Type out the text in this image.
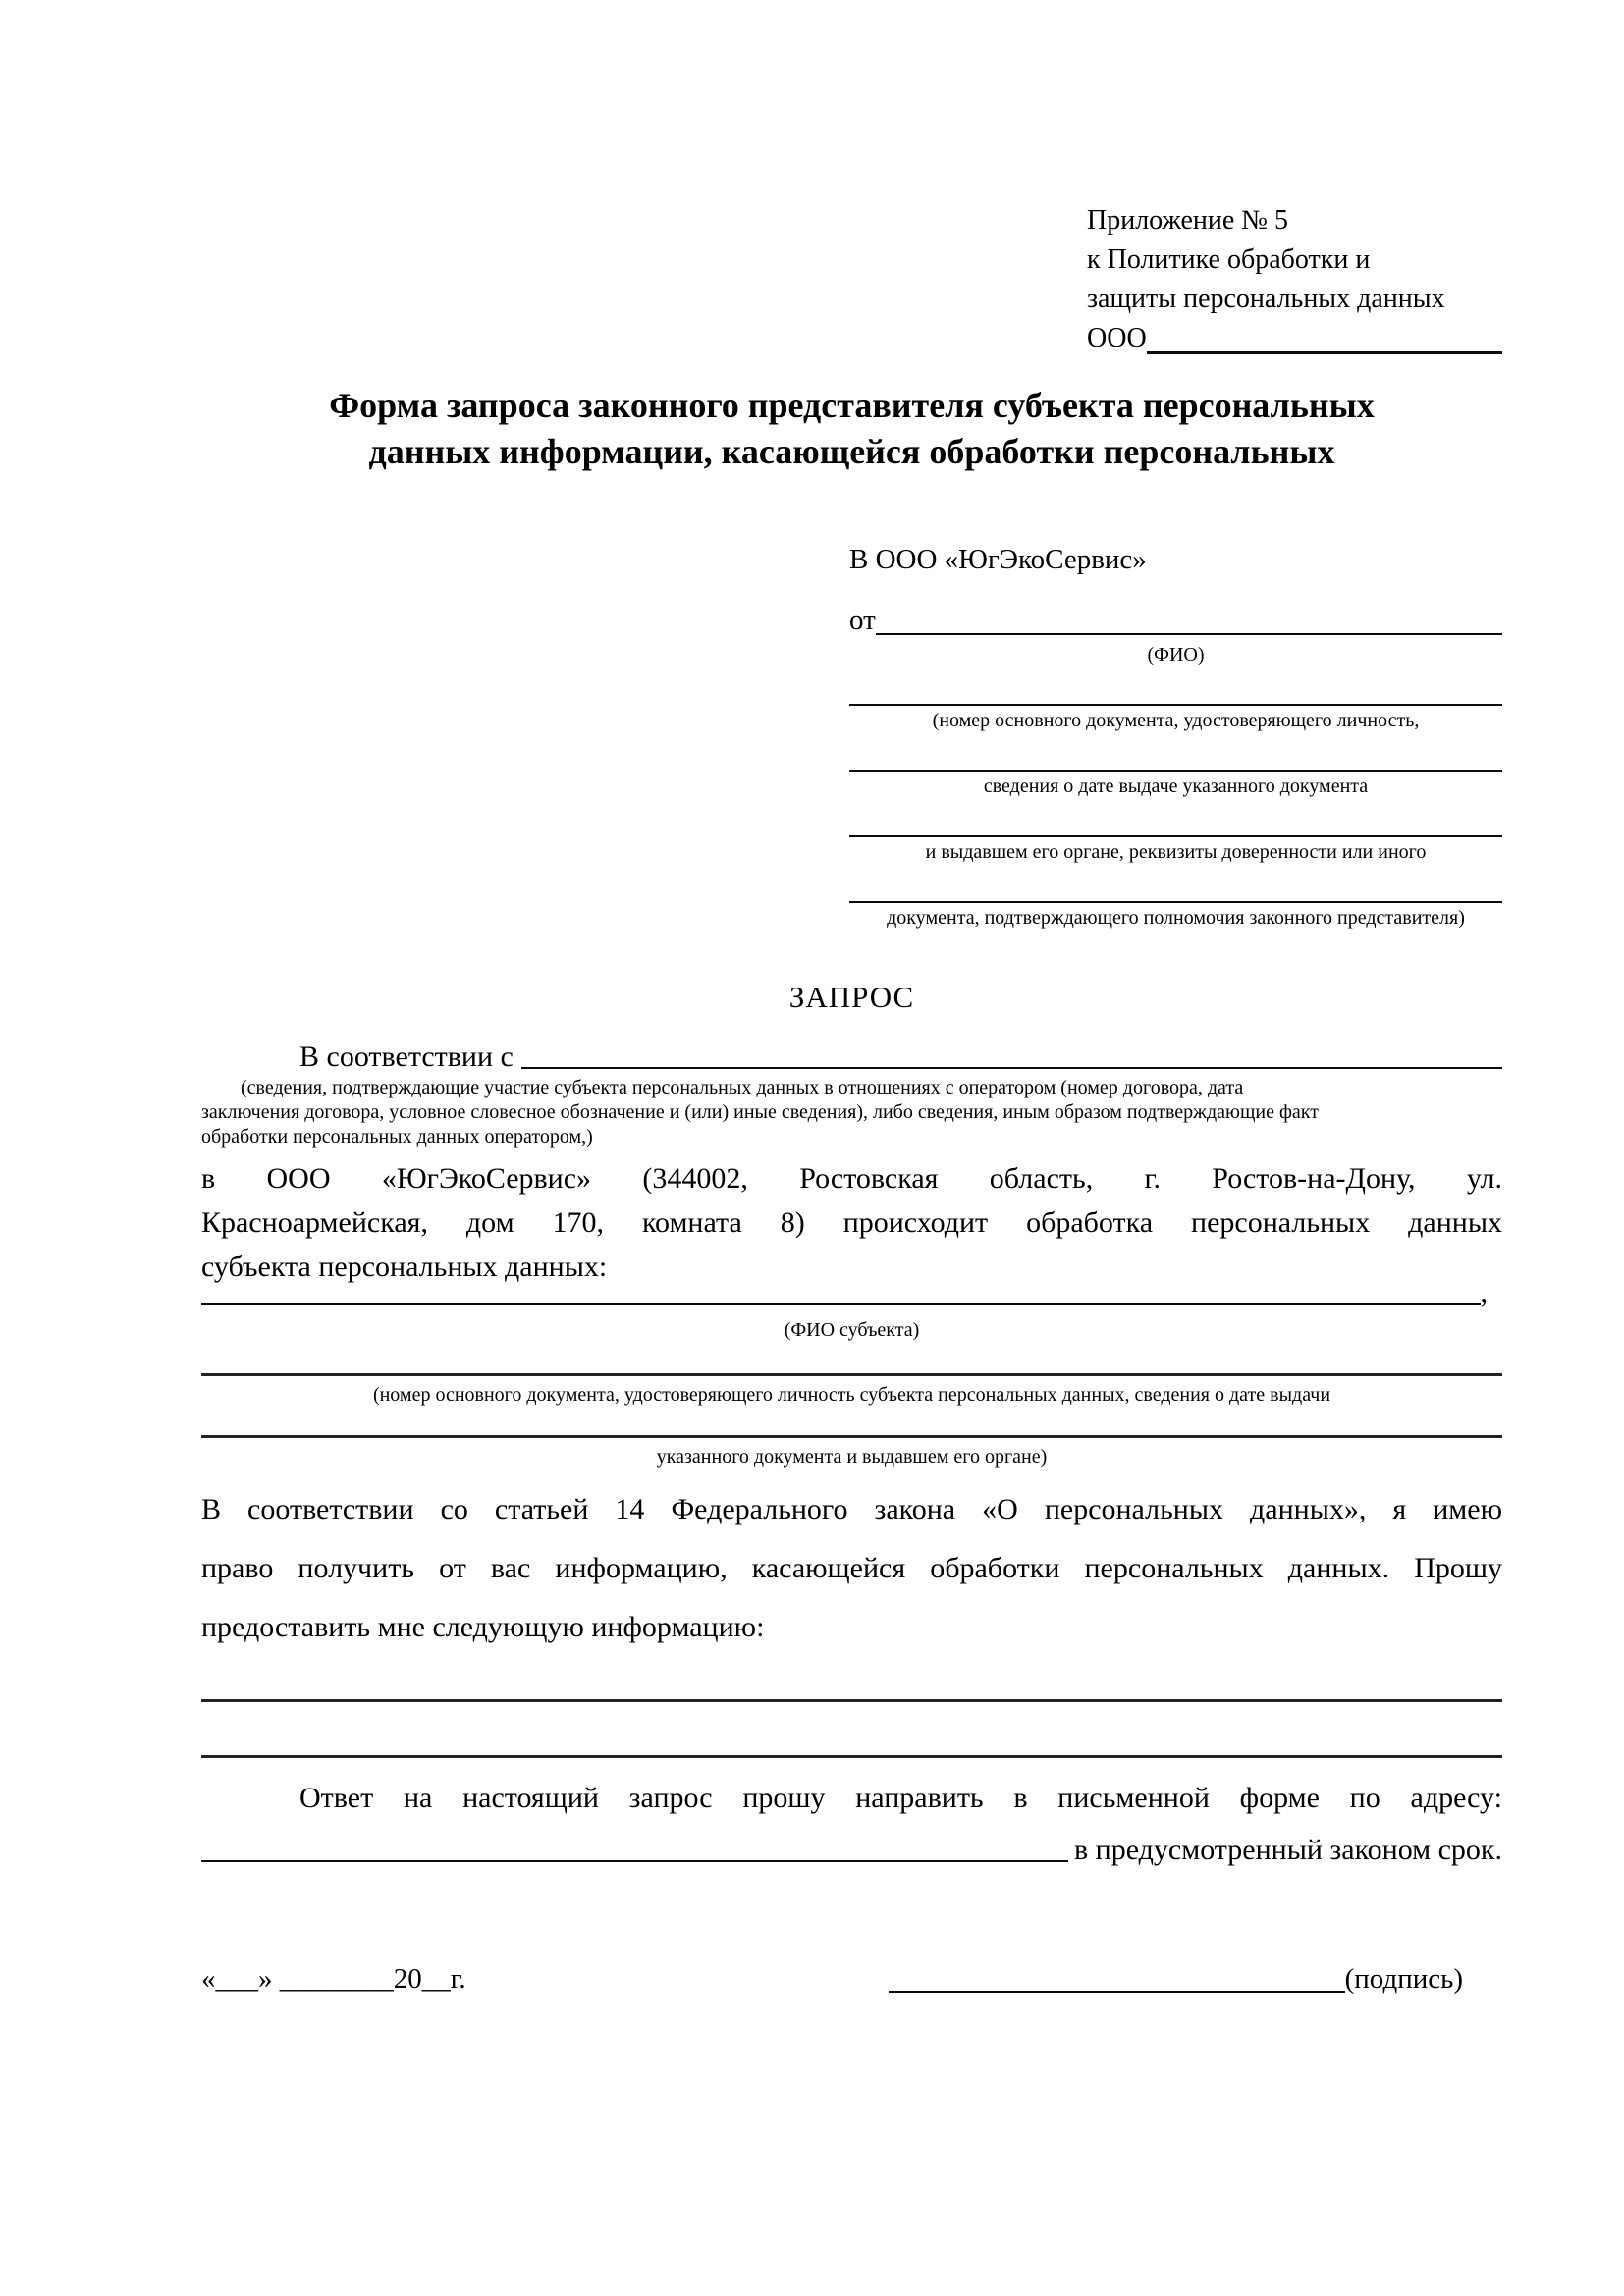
Приложение № 5
к Политике обработки и
защиты персональных данных
ООО
Форма запроса законного представителя субъекта персональных
данных информации, касающейся обработки персональных
В ООО «ЮгЭкоСервис»
от
(ФИО)
(номер основного документа, удостоверяющего личность,
сведения о дате выдаче указанного документа
и выдавшем его органе, реквизиты доверенности или иного
документа, подтверждающего полномочия законного представителя)
ЗАПРОС
В соответствии с
(сведения, подтверждающие участие субъекта персональных данных в отношениях с оператором (номер договора, дата
заключения договора, условное словесное обозначение и (или) иные сведения), либо сведения, иным образом подтверждающие факт
обработки персональных данных оператором,)
в ООО «ЮгЭкоСервис» (344002, Ростовская область, г. Ростов-на-Дону, ул.
Красноармейская, дом 170, комната 8) происходит обработка персональных данных
субъекта персональных данных:
,
(ФИО субъекта)
(номер основного документа, удостоверяющего личность субъекта персональных данных, сведения о дате выдачи
указанного документа и выдавшем его органе)
В соответствии со статьей 14 Федерального закона «О персональных данных», я имею
право получить от вас информацию, касающейся обработки персональных данных. Прошу
предоставить мне следующую информацию:
Ответ на настоящий запрос прошу направить в письменной форме по адресу:
в предусмотренный законом срок.
«___» ________20__г.	(подпись)
